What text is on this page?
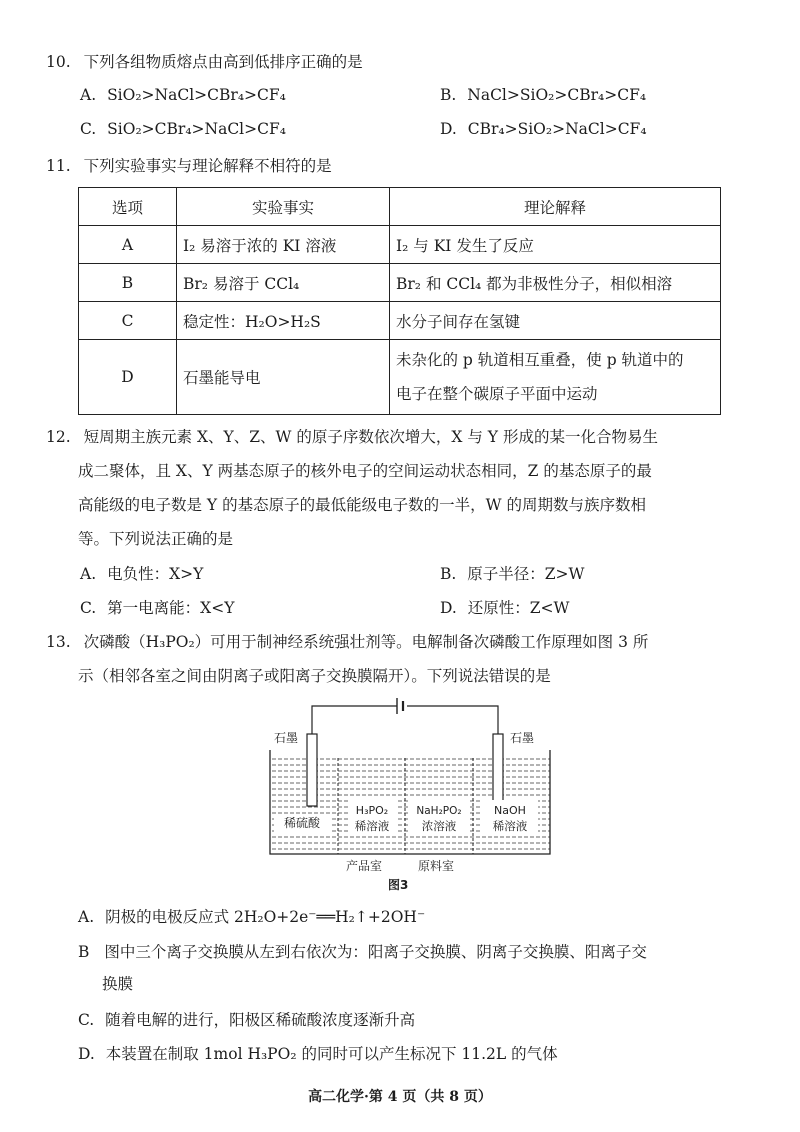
10. 下列各组物质熔点由高到低排序正确的是
A. SiO₂>NaCl>CBr₄>CF₄	B. NaCl>SiO₂>CBr₄>CF₄
C. SiO₂>CBr₄>NaCl>CF₄	D. CBr₄>SiO₂>NaCl>CF₄
11. 下列实验事实与理论解释不相符的是
选项	实验事实	理论解释
A	I₂ 易溶于浓的 KI 溶液	I₂ 与 KI 发生了反应
B	Br₂ 易溶于 CCl₄	Br₂ 和 CCl₄ 都为非极性分子，相似相溶
C	稳定性：H₂O>H₂S	水分子间存在氢键
D	石墨能导电	未杂化的 p 轨道相互重叠，使 p 轨道中的
电子在整个碳原子平面中运动
12. 短周期主族元素 X、Y、Z、W 的原子序数依次增大，X 与 Y 形成的某一化合物易生
成二聚体，且 X、Y 两基态原子的核外电子的空间运动状态相同，Z 的基态原子的最
高能级的电子数是 Y 的基态原子的最低能级电子数的一半，W 的周期数与族序数相
等。下列说法正确的是
A. 电负性：X>Y	B. 原子半径：Z>W
C. 第一电离能：X<Y	D. 还原性：Z<W
13. 次磷酸（H₃PO₂）可用于制神经系统强壮剂等。电解制备次磷酸工作原理如图 3 所
示（相邻各室之间由阴离子或阳离子交换膜隔开）。下列说法错误的是
石墨	石墨
稀硫酸
H₃PO₂
稀溶液
NaH₂PO₂
浓溶液
NaOH
稀溶液
产品室	原料室
图3
A. 阴极的电极反应式 2H₂O+2e⁻══H₂↑+2OH⁻
B 图中三个离子交换膜从左到右依次为：阳离子交换膜、阴离子交换膜、阳离子交
换膜
C. 随着电解的进行，阳极区稀硫酸浓度逐渐升高
D. 本装置在制取 1mol H₃PO₂ 的同时可以产生标况下 11.2L 的气体
高二化学·第 4 页（共 8 页）
